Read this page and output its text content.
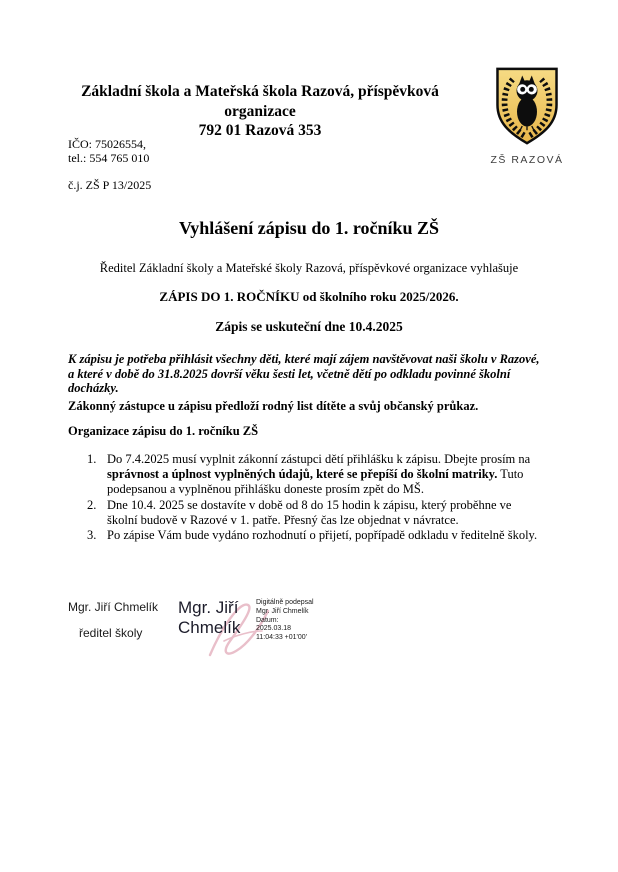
Základní škola a Mateřská škola Razová, příspěvková organizace
792 01 Razová 353
IČO: 75026554,
tel.: 554 765 010
č.j. ZŠ P 13/2025
ZŠ RAZOVÁ
Vyhlášení zápisu do 1. ročníku ZŠ
Ředitel Základní školy a Mateřské školy Razová, příspěvkové organizace vyhlašuje
ZÁPIS DO 1. ROČNÍKU od školního roku 2025/2026.
Zápis se uskuteční dne 10.4.2025
K zápisu je potřeba přihlásit všechny děti, které mají zájem navštěvovat naši školu v Razové, a které v době do 31.8.2025 dovrší věku šesti let, včetně dětí po odkladu povinné školní docházky.
Zákonný zástupce u zápisu předloží rodný list dítěte a svůj občanský průkaz.
Organizace zápisu do 1. ročníku ZŠ
1. Do 7.4.2025 musí vyplnit zákonní zástupci dětí přihlášku k zápisu. Dbejte prosím na správnost a úplnost vyplněných údajů, které se přepíší do školní matriky. Tuto podepsanou a vyplněnou přihlášku doneste prosím zpět do MŠ.
2. Dne 10.4. 2025 se dostavíte v době od 8 do 15 hodin k zápisu, který proběhne ve školní budově v Razové v 1. patře. Přesný čas lze objednat v návratce.
3. Po zápise Vám bude vydáno rozhodnutí o přijetí, popřípadě odkladu v ředitelně školy.
Mgr. Jiří Chmelík
ředitel školy
Mgr. Jiří
Chmelík
Digitálně podepsal Mgr. Jiří Chmelík
Datum: 2025.03.18 11:04:33 +01'00'
